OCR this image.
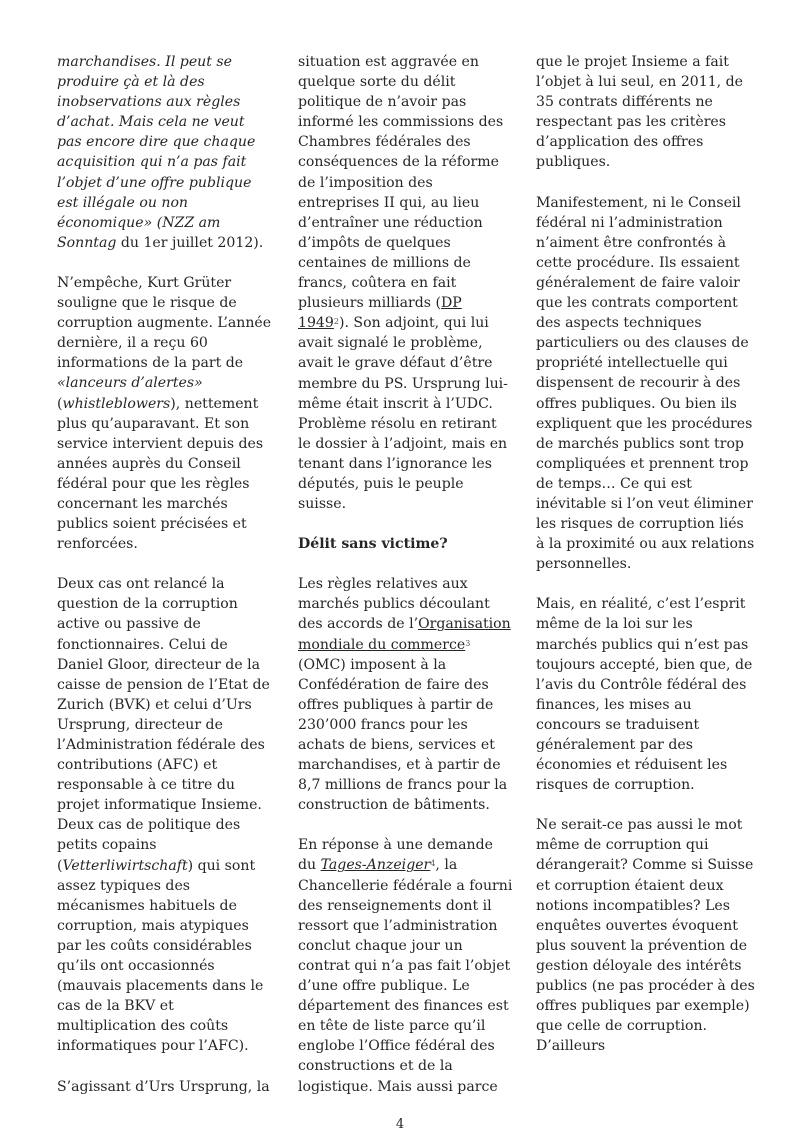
marchandises. Il peut se produire çà et là des inobservations aux règles d’achat. Mais cela ne veut pas encore dire que chaque acquisition qui n’a pas fait l’objet d’une offre publique est illégale ou non économique» (NZZ am Sonntag du 1er juillet 2012).

N’empêche, Kurt Grüter souligne que le risque de corruption augmente. L’année dernière, il a reçu 60 informations de la part de «lanceurs d’alertes» (whistleblowers), nettement plus qu’auparavant. Et son service intervient depuis des années auprès du Conseil fédéral pour que les règles concernant les marchés publics soient précisées et renforcées.

Deux cas ont relancé la question de la corruption active ou passive de fonctionnaires. Celui de Daniel Gloor, directeur de la caisse de pension de l’Etat de Zurich (BVK) et celui d’Urs Ursprung, directeur de l’Administration fédérale des contributions (AFC) et responsable à ce titre du projet informatique Insieme. Deux cas de politique des petits copains (Vetterliwirtschaft) qui sont assez typiques des mécanismes habituels de corruption, mais atypiques par les coûts considérables qu’ils ont occasionnés (mauvais placements dans le cas de la BKV et multiplication des coûts informatiques pour l’AFC).

S’agissant d’Urs Ursprung, la

situation est aggravée en quelque sorte du délit politique de n’avoir pas informé les commissions des Chambres fédérales des conséquences de la réforme de l’imposition des entreprises II qui, au lieu d’entraîner une réduction d’impôts de quelques centaines de millions de francs, coûtera en fait plusieurs milliards (DP 1949$^2$). Son adjoint, qui lui avait signalé le problème, avait le grave défaut d’être membre du PS. Ursprung lui-même était inscrit à l’UDC. Problème résolu en retirant le dossier à l’adjoint, mais en tenant dans l’ignorance les députés, puis le peuple suisse.

Délit sans victime?

Les règles relatives aux marchés publics découlant des accords de l’Organisation mondiale du commerce$^3$ (OMC) imposent à la Confédération de faire des offres publiques à partir de 230’000 francs pour les achats de biens, services et marchandises, et à partir de 8,7 millions de francs pour la construction de bâtiments.

En réponse à une demande du Tages-Anzeiger$^4$, la Chancellerie fédérale a fourni des renseignements dont il ressort que l’administration conclut chaque jour un contrat qui n’a pas fait l’objet d’une offre publique. Le département des finances est en tête de liste parce qu’il englobe l’Office fédéral des constructions et de la logistique. Mais aussi parce

que le projet Insieme a fait l’objet à lui seul, en 2011, de 35 contrats différents ne respectant pas les critères d’application des offres publiques.

Manifestement, ni le Conseil fédéral ni l’administration n’aiment être confrontés à cette procédure. Ils essaient généralement de faire valoir que les contrats comportent des aspects techniques particuliers ou des clauses de propriété intellectuelle qui dispensent de recourir à des offres publiques. Ou bien ils expliquent que les procédures de marchés publics sont trop compliquées et prennent trop de temps… Ce qui est inévitable si l’on veut éliminer les risques de corruption liés à la proximité ou aux relations personnelles.

Mais, en réalité, c’est l’esprit même de la loi sur les marchés publics qui n’est pas toujours accepté, bien que, de l’avis du Contrôle fédéral des finances, les mises au concours se traduisent généralement par des économies et réduisent les risques de corruption.

Ne serait-ce pas aussi le mot même de corruption qui dérangerait? Comme si Suisse et corruption étaient deux notions incompatibles? Les enquêtes ouvertes évoquent plus souvent la prévention de gestion déloyale des intérêts publics (ne pas procéder à des offres publiques par exemple) que celle de corruption. D’ailleurs

4
